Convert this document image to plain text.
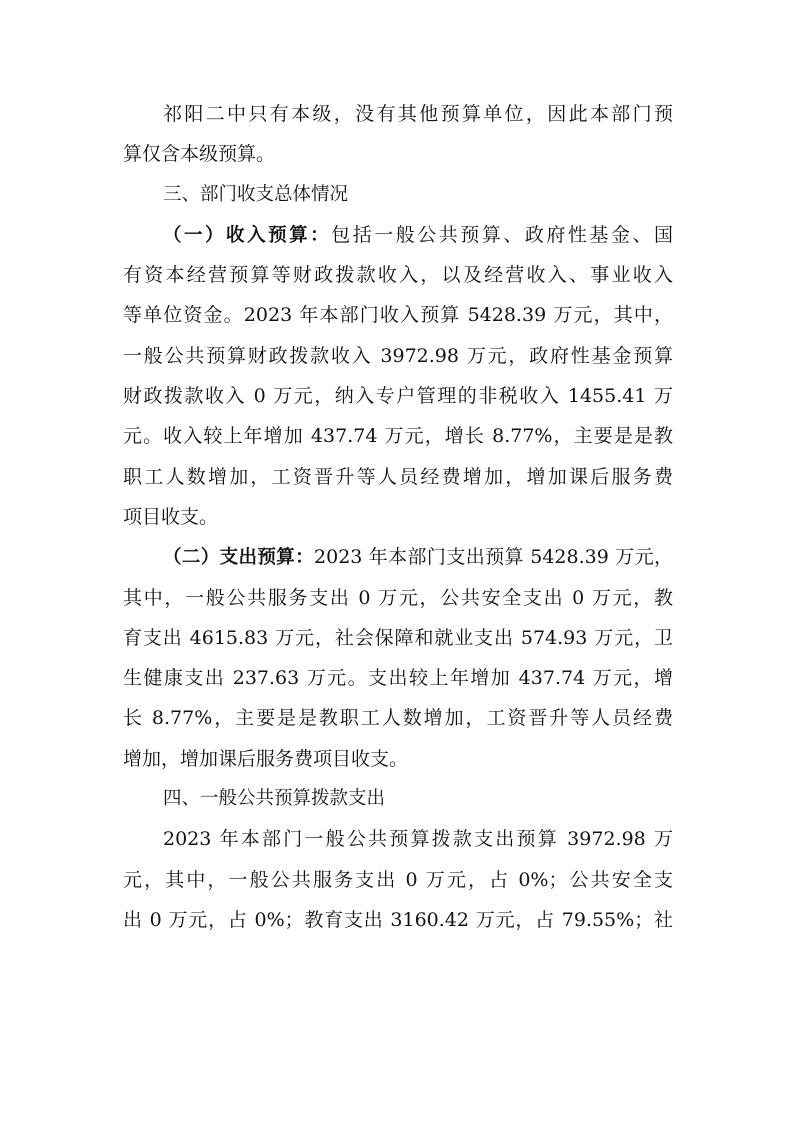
祁阳二中只有本级，没有其他预算单位，因此本部门预
算仅含本级预算。
三、部门收支总体情况
（一）收入预算：包括一般公共预算、政府性基金、国
有资本经营预算等财政拨款收入，以及经营收入、事业收入
等单位资金。2023 年本部门收入预算 5428.39 万元，其中，
一般公共预算财政拨款收入 3972.98 万元，政府性基金预算
财政拨款收入 0 万元，纳入专户管理的非税收入 1455.41 万
元。收入较上年增加 437.74 万元，增长 8.77%，主要是是教
职工人数增加，工资晋升等人员经费增加，增加课后服务费
项目收支。
（二）支出预算：2023 年本部门支出预算 5428.39 万元，
其中，一般公共服务支出 0 万元，公共安全支出 0 万元，教
育支出 4615.83 万元，社会保障和就业支出 574.93 万元，卫
生健康支出 237.63 万元。支出较上年增加 437.74 万元，增
长 8.77%，主要是是教职工人数增加，工资晋升等人员经费
增加，增加课后服务费项目收支。
四、一般公共预算拨款支出
2023 年本部门一般公共预算拨款支出预算 3972.98 万
元，其中，一般公共服务支出 0 万元，占 0%；公共安全支
出 0 万元，占 0%；教育支出 3160.42 万元，占 79.55%；社
